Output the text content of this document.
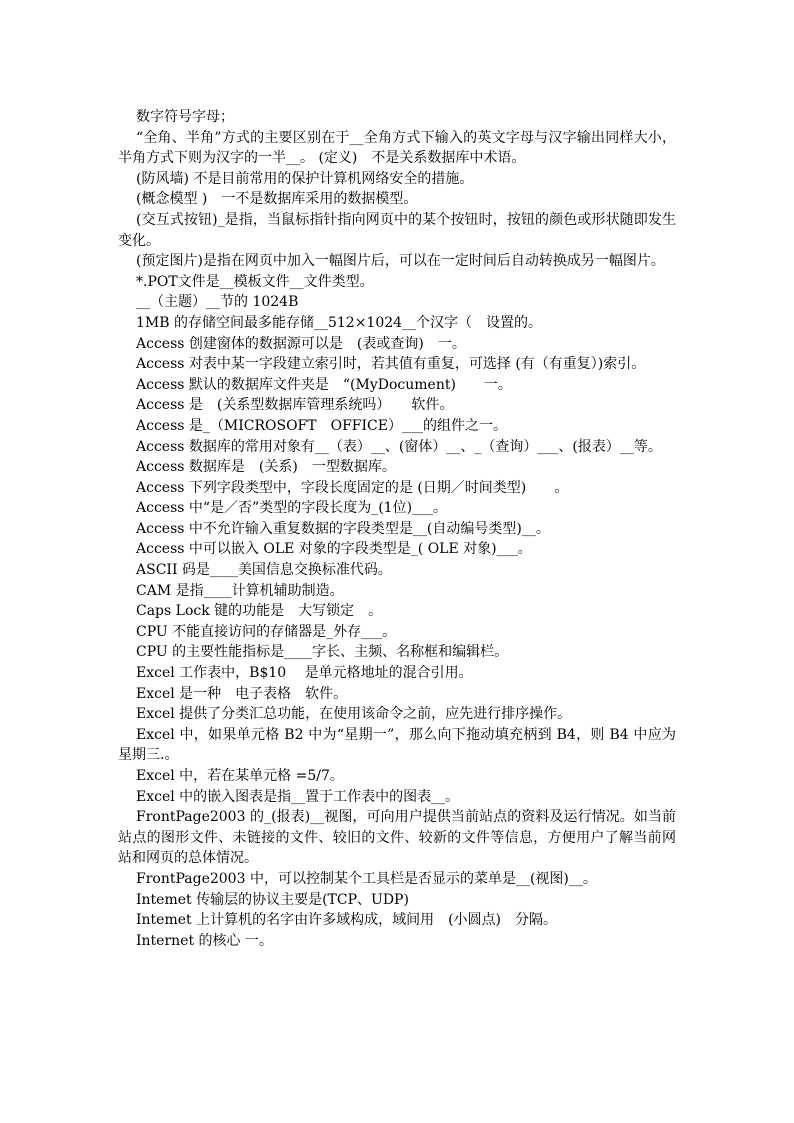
数字符号字母；

“全角、半角”方式的主要区别在于__全角方式下输入的英文字母与汉字输出同样大小，半角方式下则为汉字的一半__。 (定义)　不是关系数据库中术语。

(防风墙) 不是目前常用的保护计算机网络安全的措施。

(概念模型 )　一不是数据库采用的数据模型。

(交互式按钮)_是指，当鼠标指针指向网页中的某个按钮时，按钮的颜色或形状随即发生变化。

(预定图片)是指在网页中加入一幅图片后，可以在一定时间后自动转换成另一幅图片。

*.POT文件是__模板文件__文件类型。

__（主题）__节的 1024B

1MB 的存储空间最多能存储__512×1024__个汉字（　设置的。

Access 创建窗体的数据源可以是　(表或查询)　一。

Access 对表中某一字段建立索引时，若其值有重复，可选择 (有（有重复）)索引。

Access 默认的数据库文件夹是　“(MyDocument)　　一。

Access 是　(关系型数据库管理系统吗）　　软件。

Access 是_（MICROSOFT　OFFICE）___的组件之一。

Access 数据库的常用对象有__（表）__、(窗体）__、_（查询）___、(报表）__等。

Access 数据库是　(关系)　一型数据库。

Access 下列字段类型中，字段长度固定的是 (日期／时间类型)　　。

Access 中“是／否”类型的字段长度为_(1位)___。

Access 中不允许输入重复数据的字段类型是__(自动编号类型)__。

Access 中可以嵌入 OLE 对象的字段类型是_( OLE 对象)___。

ASCII 码是____美国信息交换标准代码。

CAM 是指____计算机辅助制造。

Caps Lock 键的功能是　大写锁定　。

CPU 不能直接访问的存储器是_外存___。

CPU 的主要性能指标是____字长、主频、名称框和编辑栏。

Excel 工作表中，B$10　 是单元格地址的混合引用。

Excel 是一种　电子表格　软件。

Excel 提供了分类汇总功能，在使用该命令之前，应先进行排序操作。

Excel 中，如果单元格 B2 中为“星期一”，那么向下拖动填充柄到 B4，则 B4 中应为　 星期三.。

Excel 中，若在某单元格 =5/7。

Excel 中的嵌入图表是指__置于工作表中的图表__。

FrontPage2003 的_(报表)__视图，可向用户提供当前站点的资料及运行情况。如当前站点的图形文件、未链接的文件、较旧的文件、较新的文件等信息，方便用户了解当前网站和网页的总体情况。

FrontPage2003 中，可以控制某个工具栏是否显示的菜单是__(视图)__。

Intemet 传输层的协议主要是(TCP、UDP)

Intemet 上计算机的名字由许多域构成，域间用　(小圆点)　分隔。

Internet 的核心 一。
